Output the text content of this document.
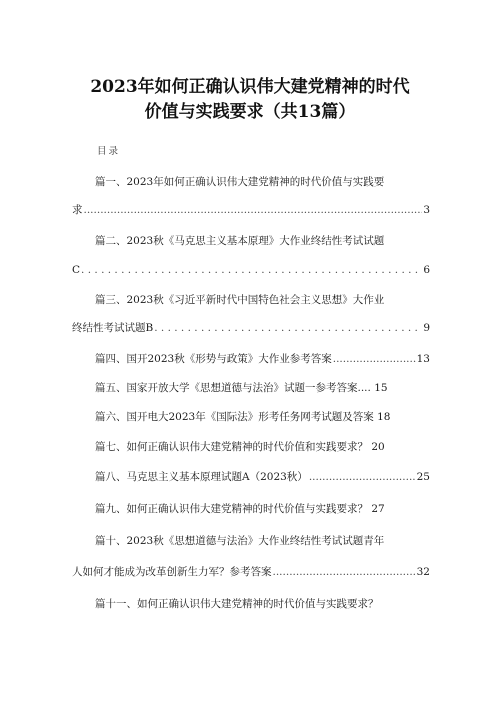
2023年如何正确认识伟大建党精神的时代
价值与实践要求（共13篇）
目录
篇一、2023年如何正确认识伟大建党精神的时代价值与实践要
求 .....	3
篇二、2023秋《马克思主义基本原理》大作业终结性考试试题
C . . .	6
篇三、2023秋《习近平新时代中国特色社会主义思想》大作业
终结性考试试题B . . .	9
篇四、国开2023秋《形势与政策》大作业参考答案 .....	13
篇五、国家开放大学《思想道德与法治》试题一参考答案.... 15
篇六、国开电大2023年《国际法》形考任务网考试题及答案 18
篇七、如何正确认识伟大建党精神的时代价值和实践要求？ 20
篇八、马克思主义基本原理试题A（2023秋） .....	25
篇九、如何正确认识伟大建党精神的时代价值与实践要求？ 27
篇十、2023秋《思想道德与法治》大作业终结性考试试题青年
人如何才能成为改革创新生力军？参考答案 .....	32
篇十一、如何正确认识伟大建党精神的时代价值与实践要求？
